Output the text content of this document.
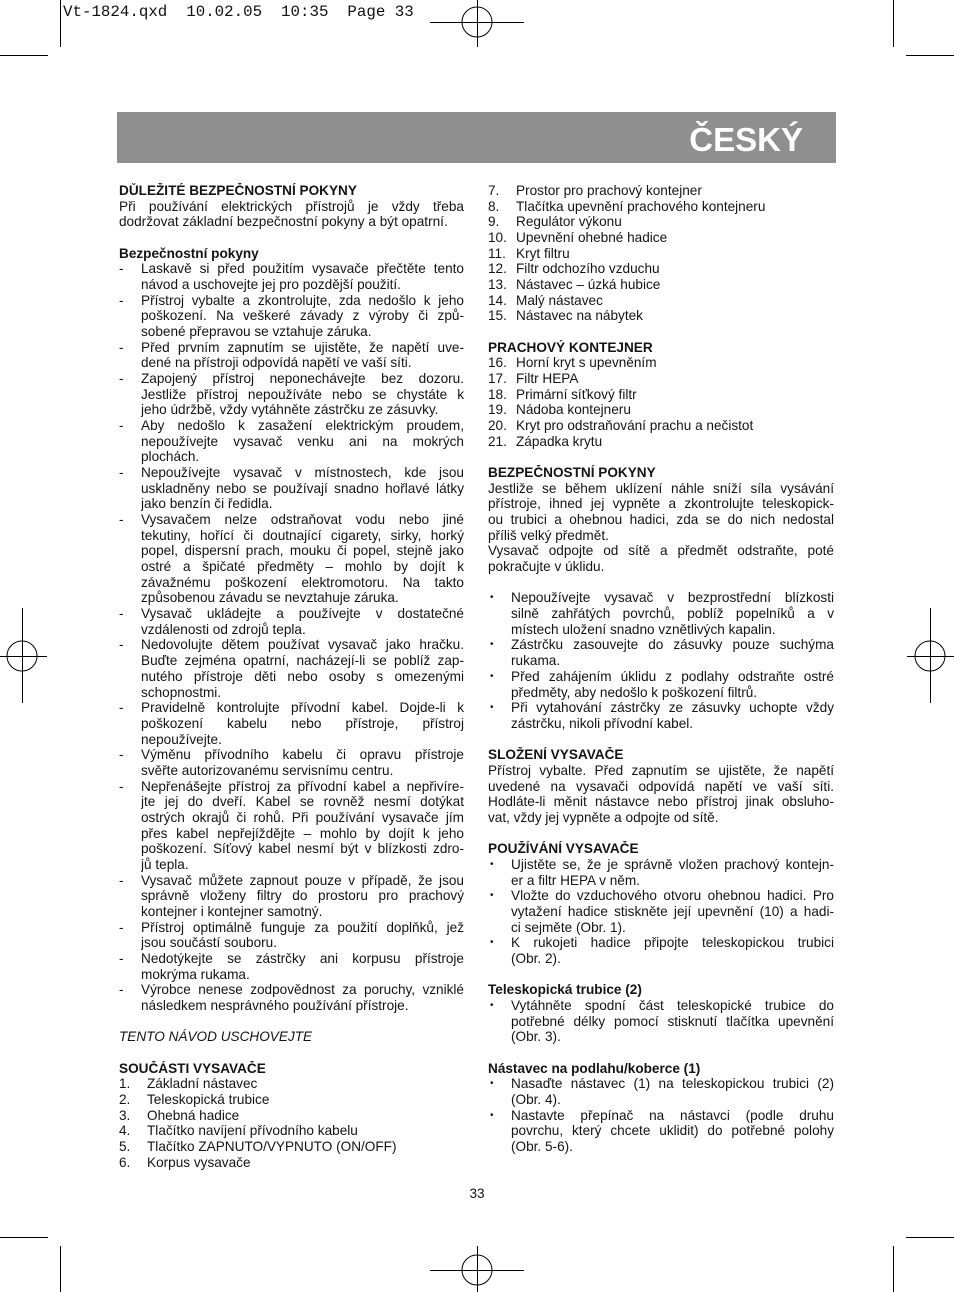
Vt-1824.qxd  10.02.05  10:35  Page 33
ČESKÝ
DŮLEŽITÉ BEZPEČNOSTNÍ POKYNY
Při používání elektrických přístrojů je vždy třeba
dodržovat základní bezpečnostní pokyny a být opatrní.
Bezpečnostní pokyny
- Laskavě si před použitím vysavače přečtěte tento
návod a uschovejte jej pro pozdější použití.
- Přístroj vybalte a zkontrolujte, zda nedošlo k jeho
poškození. Na veškeré závady z výroby či způ-
sobené přepravou se vztahuje záruka.
- Před prvním zapnutím se ujistěte, že napětí uve-
dené na přístroji odpovídá napětí ve vaší síti.
- Zapojený přístroj neponechávejte bez dozoru.
Jestliže přístroj nepoužíváte nebo se chystáte k
jeho údržbě, vždy vytáhněte zástrčku ze zásuvky.
- Aby nedošlo k zasažení elektrickým proudem,
nepoužívejte vysavač venku ani na mokrých
plochách.
- Nepoužívejte vysavač v místnostech, kde jsou
uskladněny nebo se používají snadno hořlavé látky
jako benzín či ředidla.
- Vysavačem nelze odstraňovat vodu nebo jiné
tekutiny, hořící či doutnající cigarety, sirky, horký
popel, dispersní prach, mouku či popel, stejně jako
ostré a špičaté předměty – mohlo by dojít k
závažnému poškození elektromotoru. Na takto
způsobenou závadu se nevztahuje záruka.
- Vysavač ukládejte a používejte v dostatečné
vzdálenosti od zdrojů tepla.
- Nedovolujte dětem používat vysavač jako hračku.
Buďte zejména opatrní, nacházejí-li se poblíž zap-
nutého přístroje děti nebo osoby s omezenými
schopnostmi.
- Pravidelně kontrolujte přívodní kabel. Dojde-li k
poškození kabelu nebo přístroje, přístroj
nepoužívejte.
- Výměnu přívodního kabelu či opravu přístroje
svěřte autorizovanému servisnímu centru.
- Nepřenášejte přístroj za přívodní kabel a nepřivíre-
jte jej do dveří. Kabel se rovněž nesmí dotýkat
ostrých okrajů či rohů. Při používání vysavače jím
přes kabel nepřejíždějte – mohlo by dojít k jeho
poškození. Síťový kabel nesmí být v blízkosti zdro-
jů tepla.
- Vysavač můžete zapnout pouze v případě, že jsou
správně vloženy filtry do prostoru pro prachový
kontejner i kontejner samotný.
- Přístroj optimálně funguje za použití doplňků, jež
jsou součástí souboru.
- Nedotýkejte se zástrčky ani korpusu přístroje
mokrýma rukama.
- Výrobce nenese zodpovědnost za poruchy, vzniklé
následkem nesprávného používání přístroje.
TENTO NÁVOD USCHOVEJTE
SOUČÁSTI VYSAVAČE
1. Základní nástavec
2. Teleskopická trubice
3. Ohebná hadice
4. Tlačítko navíjení přívodního kabelu
5. Tlačítko ZAPNUTO/VYPNUTO (ON/OFF)
6. Korpus vysavače
7. Prostor pro prachový kontejner
8. Tlačítka upevnění prachového kontejneru
9. Regulátor výkonu
10. Upevnění ohebné hadice
11. Kryt filtru
12. Filtr odchozího vzduchu
13. Nástavec – úzká hubice
14. Malý nástavec
15. Nástavec na nábytek
PRACHOVÝ KONTEJNER
16. Horní kryt s upevněním
17. Filtr HEPA
18. Primární síťkový filtr
19. Nádoba kontejneru
20. Kryt pro odstraňování prachu a nečistot
21. Západka krytu
BEZPEČNOSTNÍ POKYNY
Jestliže se během uklízení náhle sníží síla vysávání
přístroje, ihned jej vypněte a zkontrolujte teleskopick-
ou trubici a ohebnou hadici, zda se do nich nedostal
příliš velký předmět.
Vysavač odpojte od sítě a předmět odstraňte, poté
pokračujte v úklidu.
• Nepoužívejte vysavač v bezprostřední blízkosti
silně zahřátých povrchů, poblíž popelníků a v
místech uložení snadno vznětlivých kapalin.
• Zástrčku zasouvejte do zásuvky pouze suchýma
rukama.
• Před zahájením úklidu z podlahy odstraňte ostré
předměty, aby nedošlo k poškození filtrů.
• Při vytahování zástrčky ze zásuvky uchopte vždy
zástrčku, nikoli přívodní kabel.
SLOŽENÍ VYSAVAČE
Přístroj vybalte. Před zapnutím se ujistěte, že napětí
uvedené na vysavači odpovídá napětí ve vaší síti.
Hodláte-li měnit nástavce nebo přístroj jinak obsluho-
vat, vždy jej vypněte a odpojte od sítě.
POUŽÍVÁNÍ VYSAVAČE
• Ujistěte se, že je správně vložen prachový kontejn-
er a filtr HEPA v něm.
• Vložte do vzduchového otvoru ohebnou hadici. Pro
vytažení hadice stiskněte její upevnění (10) a hadi-
ci sejměte (Obr. 1).
• K rukojeti hadice připojte teleskopickou trubici
(Obr. 2).
Teleskopická trubice (2)
• Vytáhněte spodní část teleskopické trubice do
potřebné délky pomocí stisknutí tlačítka upevnění
(Obr. 3).
Nástavec na podlahu/koberce (1)
• Nasaďte nástavec (1) na teleskopickou trubici (2)
(Obr. 4).
• Nastavte přepínač na nástavci (podle druhu
povrchu, který chcete uklidit) do potřebné polohy
(Obr. 5-6).
33
